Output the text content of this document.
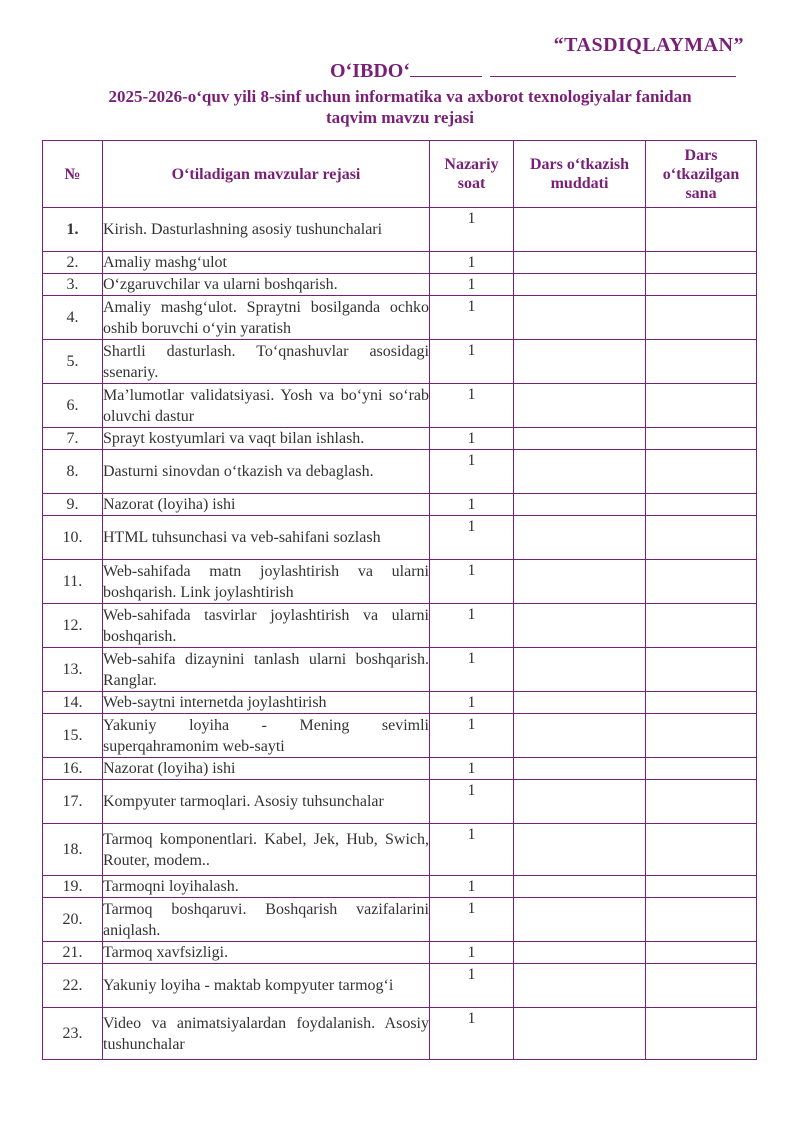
“TASDIQLAYMAN”
O‘IBDO‘
2025-2026-o‘quv yili 8-sinf uchun informatika va axborot texnologiyalar fanidan
taqvim mavzu rejasi
№	O‘tiladigan mavzular rejasi	Nazariy soat	Dars o‘tkazish muddati	Dars o‘tkazilgan sana
1.	Kirish. Dasturlashning asosiy tushunchalari	1		
2.	Amaliy mashg‘ulot	1		
3.	O‘zgaruvchilar va ularni boshqarish.	1		
4.	Amaliy mashg‘ulot. Spraytni bosilganda ochko oshib boruvchi o‘yin yaratish	1		
5.	Shartli dasturlash. To‘qnashuvlar asosidagi ssenariy.	1		
6.	Ma’lumotlar validatsiyasi. Yosh va bo‘yni so‘rab oluvchi dastur	1		
7.	Sprayt kostyumlari va vaqt bilan ishlash.	1		
8.	Dasturni sinovdan o‘tkazish va debaglash.	1		
9.	Nazorat (loyiha) ishi	1		
10.	HTML tuhsunchasi va veb-sahifani sozlash	1		
11.	Web-sahifada matn joylashtirish va ularni boshqarish. Link joylashtirish	1		
12.	Web-sahifada tasvirlar joylashtirish va ularni boshqarish.	1		
13.	Web-sahifa dizaynini tanlash ularni boshqarish. Ranglar.	1		
14.	Web-saytni internetda joylashtirish	1		
15.	Yakuniy loyiha - Mening sevimli superqahramonim web-sayti	1		
16.	Nazorat (loyiha) ishi	1		
17.	Kompyuter tarmoqlari. Asosiy tuhsunchalar	1		
18.	Tarmoq komponentlari. Kabel, Jek, Hub, Swich, Router, modem..	1		
19.	Tarmoqni loyihalash.	1		
20.	Tarmoq boshqaruvi. Boshqarish vazifalarini aniqlash.	1		
21.	Tarmoq xavfsizligi.	1		
22.	Yakuniy loyiha - maktab kompyuter tarmog‘i	1		
23.	Video va animatsiyalardan foydalanish. Asosiy tushunchalar	1		
